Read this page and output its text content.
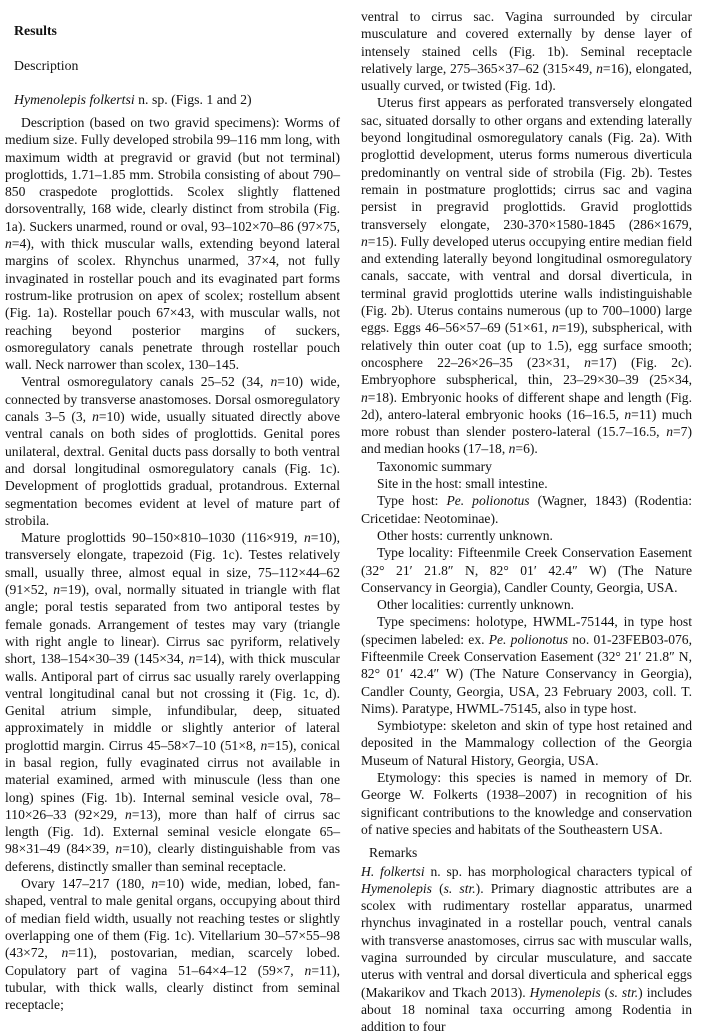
Results
Description
Hymenolepis folkertsi n. sp. (Figs. 1 and 2)

Description (based on two gravid specimens): Worms of medium size. Fully developed strobila 99–116 mm long, with maximum width at pregravid or gravid (but not terminal) proglottids, 1.71–1.85 mm. Strobila consisting of about 790–850 craspedote proglottids. Scolex slightly flattened dorsoventrally, 168 wide, clearly distinct from strobila (Fig. 1a). Suckers unarmed, round or oval, 93–102×70–86 (97×75, n=4), with thick muscular walls, extending beyond lateral margins of scolex. Rhynchus unarmed, 37×4, not fully invaginated in rostellar pouch and its evaginated part forms rostrum-like protrusion on apex of scolex; rostellum absent (Fig. 1a). Rostellar pouch 67×43, with muscular walls, not reaching beyond posterior margins of suckers, osmoregulatory canals penetrate through rostellar pouch wall. Neck narrower than scolex, 130–145.

Ventral osmoregulatory canals 25–52 (34, n=10) wide, connected by transverse anastomoses. Dorsal osmoregulatory canals 3–5 (3, n=10) wide, usually situated directly above ventral canals on both sides of proglottids. Genital pores unilateral, dextral. Genital ducts pass dorsally to both ventral and dorsal longitudinal osmoregulatory canals (Fig. 1c). Development of proglottids gradual, protandrous. External segmentation becomes evident at level of mature part of strobila.

Mature proglottids 90–150×810–1030 (116×919, n=10), transversely elongate, trapezoid (Fig. 1c). Testes relatively small, usually three, almost equal in size, 75–112×44–62 (91×52, n=19), oval, normally situated in triangle with flat angle; poral testis separated from two antiporal testes by female gonads. Arrangement of testes may vary (triangle with right angle to linear). Cirrus sac pyriform, relatively short, 138–154×30–39 (145×34, n=14), with thick muscular walls. Antiporal part of cirrus sac usually rarely overlapping ventral longitudinal canal but not crossing it (Fig. 1c, d). Genital atrium simple, infundibular, deep, situated approximately in middle or slightly anterior of lateral proglottid margin. Cirrus 45–58×7–10 (51×8, n=15), conical in basal region, fully evaginated cirrus not available in material examined, armed with minuscule (less than one long) spines (Fig. 1b). Internal seminal vesicle oval, 78–110×26–33 (92×29, n=13), more than half of cirrus sac length (Fig. 1d). External seminal vesicle elongate 65–98×31–49 (84×39, n=10), clearly distinguishable from vas deferens, distinctly smaller than seminal receptacle.

Ovary 147–217 (180, n=10) wide, median, lobed, fan-shaped, ventral to male genital organs, occupying about third of median field width, usually not reaching testes or slightly overlapping one of them (Fig. 1c). Vitellarium 30–57×55–98 (43×72, n=11), postovarian, median, scarcely lobed. Copulatory part of vagina 51–64×4–12 (59×7, n=11), tubular, with thick walls, clearly distinct from seminal receptacle;

ventral to cirrus sac. Vagina surrounded by circular musculature and covered externally by dense layer of intensely stained cells (Fig. 1b). Seminal receptacle relatively large, 275–365×37–62 (315×49, n=16), elongated, usually curved, or twisted (Fig. 1d).

Uterus first appears as perforated transversely elongated sac, situated dorsally to other organs and extending laterally beyond longitudinal osmoregulatory canals (Fig. 2a). With proglottid development, uterus forms numerous diverticula predominantly on ventral side of strobila (Fig. 2b). Testes remain in postmature proglottids; cirrus sac and vagina persist in pregravid proglottids. Gravid proglottids transversely elongate, 230-370×1580-1845 (286×1679, n=15). Fully developed uterus occupying entire median field and extending laterally beyond longitudinal osmoregulatory canals, saccate, with ventral and dorsal diverticula, in terminal gravid proglottids uterine walls indistinguishable (Fig. 2b). Uterus contains numerous (up to 700–1000) large eggs. Eggs 46–56×57–69 (51×61, n=19), subspherical, with relatively thin outer coat (up to 1.5), egg surface smooth; oncosphere 22–26×26–35 (23×31, n=17) (Fig. 2c). Embryophore subspherical, thin, 23–29×30–39 (25×34, n=18). Embryonic hooks of different shape and length (Fig. 2d), antero-lateral embryonic hooks (16–16.5, n=11) much more robust than slender postero-lateral (15.7–16.5, n=7) and median hooks (17–18, n=6).

Taxonomic summary

Site in the host: small intestine.

Type host: Pe. polionotus (Wagner, 1843) (Rodentia: Cricetidae: Neotominae).

Other hosts: currently unknown.

Type locality: Fifteenmile Creek Conservation Easement (32° 21′ 21.8″ N, 82° 01′ 42.4″ W) (The Nature Conservancy in Georgia), Candler County, Georgia, USA.

Other localities: currently unknown.

Type specimens: holotype, HWML-75144, in type host (specimen labeled: ex. Pe. polionotus no. 01-23FEB03-076, Fifteenmile Creek Conservation Easement (32° 21′ 21.8″ N, 82° 01′ 42.4″ W) (The Nature Conservancy in Georgia), Candler County, Georgia, USA, 23 February 2003, coll. T. Nims). Paratype, HWML-75145, also in type host.

Symbiotype: skeleton and skin of type host retained and deposited in the Mammalogy collection of the Georgia Museum of Natural History, Georgia, USA.

Etymology: this species is named in memory of Dr. George W. Folkerts (1938–2007) in recognition of his significant contributions to the knowledge and conservation of native species and habitats of the Southeastern USA.

Remarks

H. folkertsi n. sp. has morphological characters typical of Hymenolepis (s. str.). Primary diagnostic attributes are a scolex with rudimentary rostellar apparatus, unarmed rhynchus invaginated in a rostellar pouch, ventral canals with transverse anastomoses, cirrus sac with muscular walls, vagina surrounded by circular musculature, and saccate uterus with ventral and dorsal diverticula and spherical eggs (Makarikov and Tkach 2013). Hymenolepis (s. str.) includes about 18 nominal taxa occurring among Rodentia in addition to four
